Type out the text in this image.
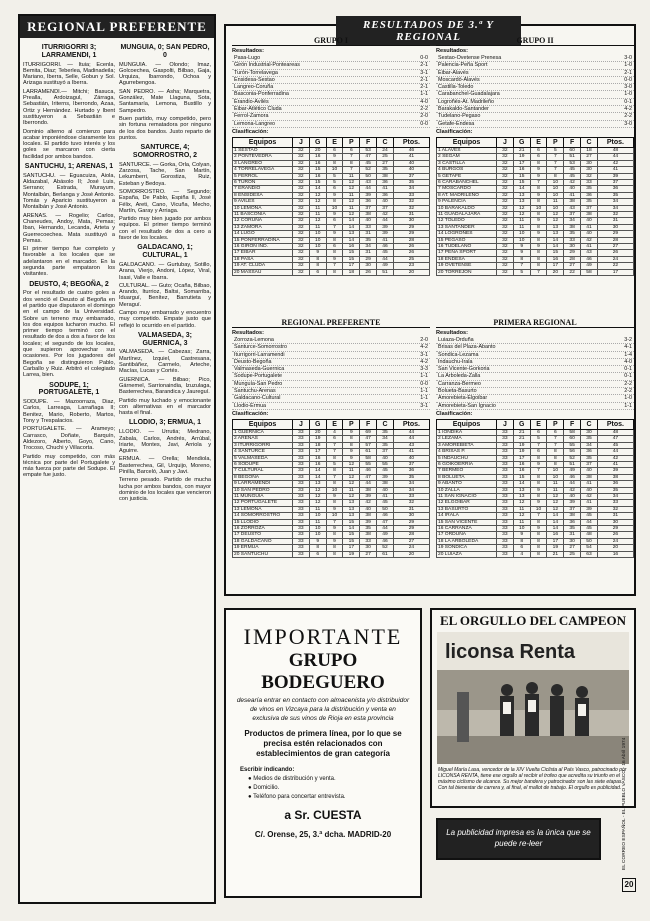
REGIONAL PREFERENTE
ITURRIGORRI 3; LARRAMENDI, 1

ITURRIGORRI. — Ituia; Ecenla, Bemita, Diaz; Teberlea, Madinadeila; Mariano, Iberra, Selle, Gobun y Sol. Arizaga sustituyó a Iberra.

LARRAMENDI.— Mitchi; Basuca, Prealla, Ardoizagul, Zárraga, Sebastián, Iriterns, Iberrondo, Azaa, Ortiz y Hernández. Hurtado y Ibent sustituyeron a Sebastián e Iberrondo.

Dominio alterno al comienzo para acabar imponiéndose claramente los locales. El partido tuvo interés y los goles se marcaron con cierta facilidad por ambos bandos.

SANTUCHU, 1; ARENAS, 1

SANTUCHU. — Eguacuiza, Aiola, Aldazabal, Abásolo II; José Luis, Serrano; Estrada, Murayum, Montalbán, Berlanga y José Antonio. Tomás y Aparicio sustituyeron a Montalbán y José Antonio.

ARENAS. — Rogelio; Carlos, Chaneudes, Andoy, Mata, Pemas; Iban, Hernando, Lecanda, Arteta y Guerrecoechea. Mata sustituyó a Pemas.

El primer tiempo fue completo y favorable a los locales que se adelantaron en el marcador. En la segunda parte empataron los visitantes.

DEUSTO, 4; BEGOÑA, 2

Por el resultado de cuatro goles a dos venció el Deusto al Begoña en el partido que disputaron el domingo en el campo de la Universidad. Sobre un terreno muy embarrado, los dos equipos lucharon mucho. El primer tiempo terminó con el resultado de dos a dos a favor de los locales; el segundo de los locales, que supieron aprovechar sus ocasiones. Por los jugadores del Begoña se distinguieron Pablo, Carballo y Ruiz. Arbitró el colegiado Larrea, bien.

SODUPE, 1; PORTUGALETE, 1

SODUPE. — Mazoorraza, Diaz, Carlos, Larreaga, Larrañaga II; Benitez, Mario, Roberto, Martos, Tony y Trespalacios.

PORTUGALETE. — Arameyo; Carrasco, Doñate, Barquín, Aldezoro, Alberto, Goyo, Cano, Trocoso, Chuchi y Villacorta.

Partido muy competido, con más técnica por parte del Portugalete y más fuerza por parte del Sodupe. El empate fue justo.

MUNGUIA, 0; SAN PEDRO, 0

MUNGUIA. — Olondo; Imaz, Golcoechea, Gaspolti, Bilbao, Gaja, Urquiza, Ibarrondo, Ochoa y Agurrebengoa.

SAN PEDRO. — Asha; Marquetra, González, Mate Llaguna, Sota, Santamaría, Lemona, Bustillo y Sampedro.

Buen partido, muy competido, pero sin fortuna rematadora por ninguno de los dos bandos. Justo reparto de puntos.

SANTURCE, 4; SOMORROSTRO, 2

SANTURCE. — Gorka, Orla, Colyan, Zarzosa, Tache, San Martín, Lekumberri, Gorostiza, Ruiz, Esteban y Bedoya.

SOMORROSTRO. — Segundo; España, De Pablo, Espiña II, José Félix, Areti, Cano, Vicuña, Mecho, Martín, Garay y Arriaga.

Partido muy bien jugado por ambos equipos. El primer tiempo terminó con el resultado de dos a cero a favor de los locales.

GALDACANO, 1; CULTURAL, 1

GALDACANO. — Gurtubay, Sotillo, Arana, Vierjo, Andoni, López, Viral, Isasi, Valle e Ibarra.

CULTURAL. — Guto; Ocaña, Bilbao, Arando, Iturrioz, Baltsi, Somarriba, Iduarguí, Benítez, Barrutieta y Meraguí.

Campo muy embarrado y encuentro muy competido. Empate justo que reflejó lo ocurrido en el partido.

VALMASEDA, 3; GUERNICA, 3

VALMASEDA. — Cabezas; Zarra, Martínez, Izquiel, Castresana, Santibáñez, Carmelo, Arteche, Macías, Lucas y Cortés.

GUERNICA. — Bilbao; Pico, Gárnemel, Sarrionaindia, Izuzulaga, Basterrechea, Barandica y Jaureguí.

Partido muy luchado y emocionante con alternativas en el marcador hasta el final.

LLODIO, 3; ERMUA, 1

LLODIO. — Urrutia; Medrano, Zabala, Carlos, Andrés, Arrúbal, Iriarte, Montes, Javi, Arriola y Aguirre.

ERMUA. — Orella; Mendiola, Basterrechea, Gil, Urquijo, Moreno, Pinilla, Barceló, Juan y Javi.

Terreno pesado. Partido de mucha lucha por ambos bandos, con mayor dominio de los locales que vencieron con justicia.

RESULTADOS DE 3.ª Y REGIONAL
GRUPO I
Resultados:
Pasa-Lugo	0-0
Girón Industrial-Ponteareas	2-1
Turón-Torrelavega	3-1
Ensidesa-Sestao	2-1
Langreo-Coruña	2-1
Basconia-Ponferradina	1-1
Erandio-Avilés	4-0
Eibar-Atlético Cluda	2-2
Ferrol-Zamora	2-0
Lemona-Langreo	0-0
Clasificación:
Equipos	J	G	E	P	F	C	Ptos.
1 SESTAO	32	20	6	6	53	24	46
2 PONTEVEDRA	32	16	9	7	47	25	41
3 LANGREO	32	16	8	8	45	27	40
4 TORRELAVEGA	32	15	10	7	52	35	40
5 FERROL	32	16	5	11	50	38	37
6 TURON	32	15	5	12	43	36	35
7 ERANDIO	32	14	6	12	44	41	34
8 ENSIDESA	32	12	9	11	39	36	33
9 AVILES	32	12	8	12	36	40	32
10 LEMONA	32	11	10	11	37	37	32
11 BASCONIA	32	11	9	12	38	42	31
12 CORUÑA	32	12	6	14	40	44	30
13 ZAMORA	32	11	7	14	33	39	29
14 LUGO	32	10	9	13	31	39	29
15 PONFERRADINA	32	10	8	14	35	41	28
16 GIRON IND.	32	10	6	16	34	46	26
17 EIBAR	32	9	8	15	31	45	26
18 PASA	32	8	9	15	29	44	25
19 AT. CLUDA	32	8	7	17	30	49	23
20 MASSAU	32	6	8	18	26	51	20
GRUPO II
Resultados:
Sestao-Ovetense Prenesa	3-0
Palencia-Peña Sport	1-0
Eibar-Alavés	2-1
Moscardó-Alavés	0-0
Castilla-Toledo	3-0
Carabanchel-Guadalajara	1-0
Logroñés-At. Madrileño	0-1
Barakaldo-Santander	4-2
Tudelano-Pegaso	2-2
Getafe-Endesa	3-0
Clasificación:
Equipos	J	G	E	P	F	C	Ptos.
1 ALAVES	32	21	6	5	60	18	48
2 SEGAM	32	19	6	7	51	27	44
3 CASTILLA	32	17	8	7	53	30	42
4 BURGOS	32	16	9	7	45	30	41
5 GETAFE	32	15	9	8	45	32	39
6 CARABANCHEL	32	15	7	10	42	33	37
7 MOSCARDO	32	14	8	10	40	35	36
8 AT. MADRILEÑO	32	13	9	10	41	36	35
9 PALENCIA	32	13	8	11	38	35	34
10 BARAKALDO	32	12	10	10	43	37	34
11 GUADALAJARA	32	12	8	12	37	38	32
12 TOLEDO	32	11	9	12	34	40	31
13 SANTANDER	32	11	8	13	38	41	30
14 LOGROÑES	32	10	9	13	35	40	29
15 PEGASO	32	10	8	14	33	42	28
16 TUDELANO	32	9	9	14	30	41	27
17 PEÑA SPORT	32	9	8	15	29	43	26
18 ENDESA	32	8	8	16	28	46	24
19 OVETENSE	32	7	8	17	27	49	22
20 TORREJON	32	5	7	20	22	58	17
REGIONAL PREFERENTE
Resultados:
Zorroza-Lemona	2-0
Santurce-Somorrostro	4-2
Iturrigorri-Larramendi	3-1
Deusto-Begoña	4-2
Valmaseda-Guernica	3-3
Sodupe-Portugalete	1-1
Munguía-San Pedro	0-0
Santuchu-Arenas	1-1
Galdacano-Cultural	1-1
Llodio-Ermua	3-1
Clasificación:
Equipos	J	G	E	P	F	C	Ptos.
1 GUERNICA	33	20	4	9	69	35	44
2 ARENAS	33	19	6	8	47	34	44
3 ITURRIGORRI	33	18	7	8	57	35	43
4 SANTURCE	33	17	7	9	61	37	41
5 VALMASEDA	33	16	8	9	58	40	40
6 SODUPE	33	16	5	12	55	55	37
7 CULTURAL	33	14	8	11	46	45	36
8 BEGOÑA	33	14	7	12	47	39	35
9 LARRAMENDI	33	13	8	12	44	38	34
10 SAN PEDRO	33	12	10	11	38	40	34
11 MUNGUIA	33	12	9	12	39	41	33
12 PORTUGALETE	33	12	8	13	42	45	32
13 LEMONA	33	11	9	13	40	50	31
14 SOMORROSTRO	33	10	10	13	38	46	30
15 LLODIO	33	11	7	15	39	47	29
16 ZORROZA	33	10	9	14	35	44	29
17 DEUSTO	33	10	8	15	38	49	28
18 GALDACANO	33	9	9	15	33	46	27
19 ERMUA	33	8	8	17	30	52	24
20 SANTUCHU	33	6	8	19	27	61	20
PRIMERA REGIONAL
Resultados:
Luiaza-Orduña	3-2
Brisas del Plaza-Abanto	4-1
Sondica-Lezama	1-4
Indauchu-Irala	4-0
San Vicente-Gorkoria	0-1
La Arboleda-Zalla	0-1
Carranza-Bermeo	2-2
Bolueta-Basurto	2-2
Amorebieta-Elgoibar	1-0
Amorebieta-San Ignacio	1-1
Clasificación:
Equipos	J	G	E	P	F	C	Ptos.
1 IONDIKA	33	21	6	6	58	30	48
2 LEZAMA	33	21	5	7	60	35	47
3 AMOREBIETA	33	19	7	7	55	34	45
4 BRISAS P.	33	19	6	8	56	36	44
5 INDAUCHU	33	17	8	8	52	35	42
6 GOIKOERRIA	33	16	9	8	51	37	41
7 BERMEO	33	16	7	10	49	40	39
8 BOLUETA	33	15	8	10	46	38	38
9 ABANTO	33	14	8	11	44	41	36
10 ZALLA	33	13	9	11	42	40	35
11 SAN IGNACIO	33	13	8	12	40	42	34
12 ELGOIBAR	33	12	9	12	39	41	33
13 BASURTO	33	11	10	12	37	39	32
14 IRALA	33	12	7	14	38	45	31
15 SAN VICENTE	33	11	8	14	36	44	30
16 CARRANZA	33	10	9	14	35	45	29
17 ORDUÑA	33	9	8	16	31	48	26
18 LA ARBOLEDA	33	8	8	17	30	50	24
19 SONDICA	33	6	8	19	27	54	20
20 LUIAZA	33	4	8	21	25	63	16
IMPORTANTE
GRUPO BODEGUERO
desearía entrar en contacto con almacenista y/o distribuidor de vinos en Vizcaya para la distribución y venta en exclusiva de sus vinos de Rioja en esta provincia
Productos de primera línea, por lo que se precisa estén relacionados con establecimientos de gran categoría
Escribir indicando:
● Medios de distribución y venta.
● Domicilio.
● Teléfono para concertar entrevista.
a Sr. CUESTA
C/. Orense, 25, 3.ª dcha. MADRID-20
EL ORGULLO DEL CAMPEON
liconsa Renta
Miguel María Lasa, vencedor de la XIV Vuelta Ciclista al País Vasco, patrocinado por LICONSA RENTA, tiene ese orgullo al recibir el trofeo que acredita su triunfo en el máximo ciclismo de alcance. Su mejor bandera y patrocinador son las siete etapas. Con tal bienestar de carrera y, al final, el mallot de trabajo. El orgullo es publicidad.
La publicidad impresa es la única que se puede re-leer	EL CORREO ESPAÑOL - EL PUEBLO VASCO - 16 Abril 1974
20
